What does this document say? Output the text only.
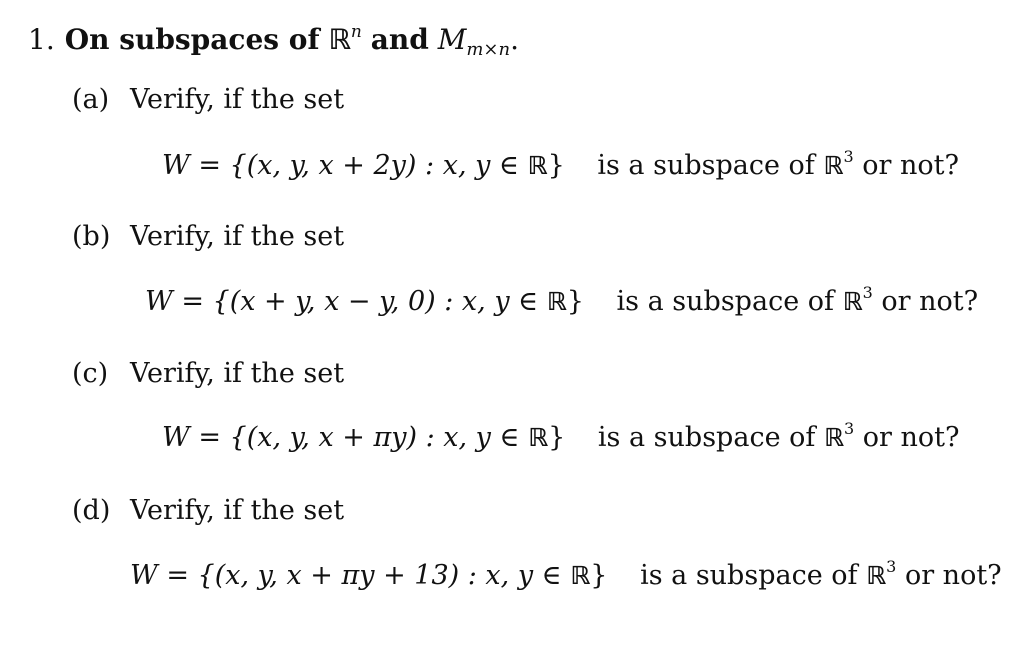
1. On subspaces of ℝ$^n$ and $M_{m\times n}$.
(a) Verify, if the set
W = {(x, y, x + 2y) : x, y ∈ ℝ} is a subspace of ℝ$^3$ or not?
(b) Verify, if the set
W = {(x + y, x − y, 0) : x, y ∈ ℝ} is a subspace of ℝ$^3$ or not?
(c) Verify, if the set
W = {(x, y, x + πy) : x, y ∈ ℝ} is a subspace of ℝ$^3$ or not?
(d) Verify, if the set
W = {(x, y, x + πy + 13) : x, y ∈ ℝ} is a subspace of ℝ$^3$ or not?
